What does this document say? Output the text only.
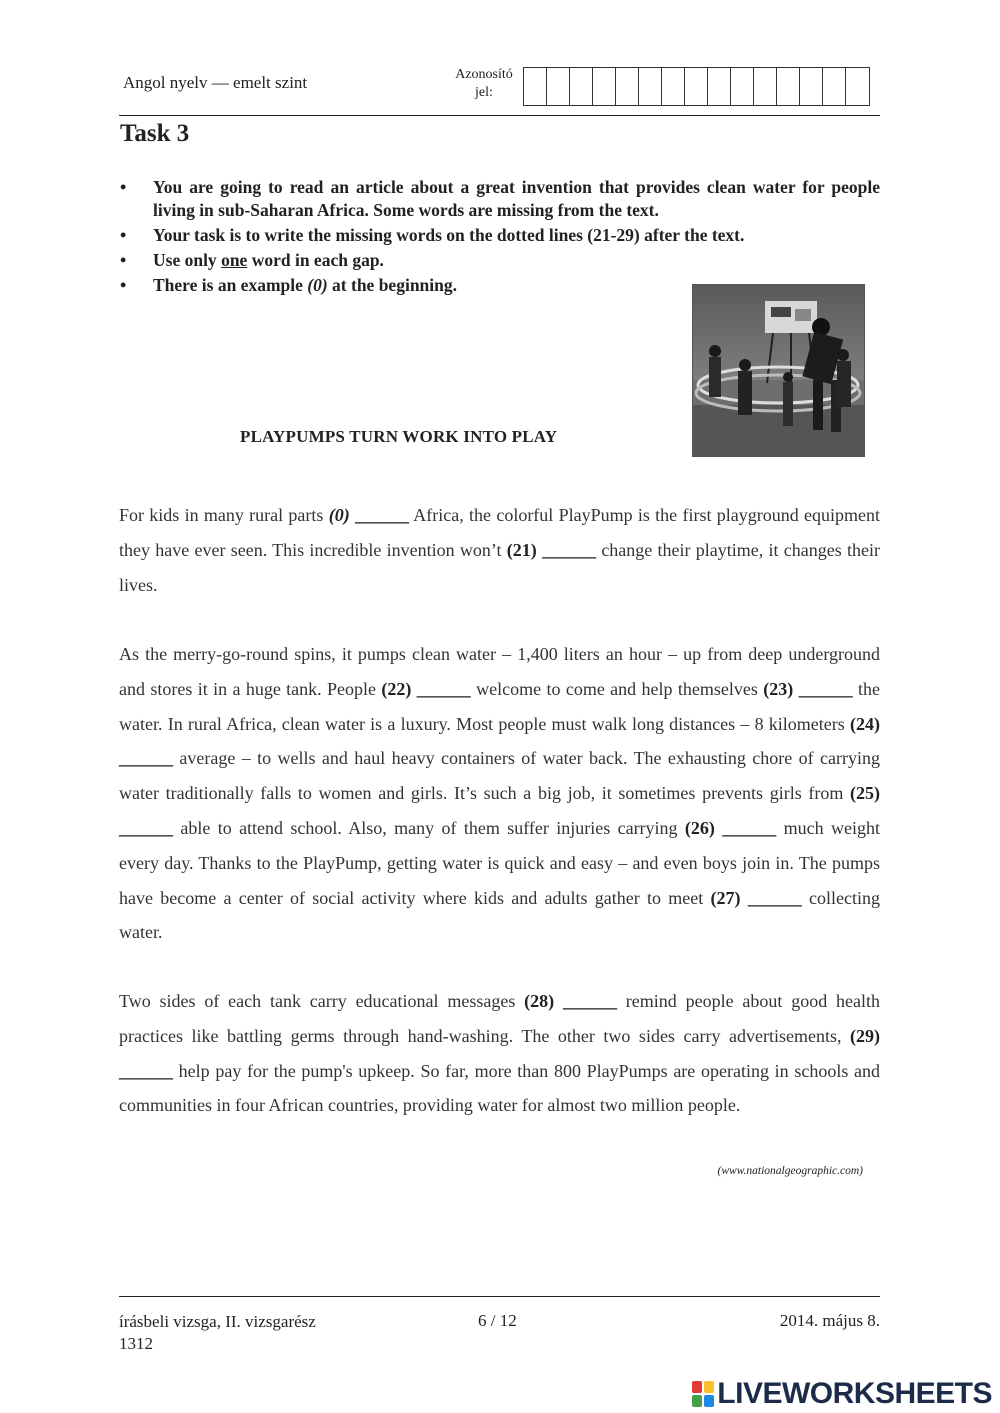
Angol nyelv — emelt szint	Azonosító
jel:
Task 3
• You are going to read an article about a great invention that provides clean water for people living in sub-Saharan Africa. Some words are missing from the text.
• Your task is to write the missing words on the dotted lines (21-29) after the text.
• Use only one word in each gap.
• There is an example (0) at the beginning.
PLAYPUMPS TURN WORK INTO PLAY
For kids in many rural parts (0) ______ Africa, the colorful PlayPump is the first playground equipment they have ever seen. This incredible invention won’t (21) ______ change their playtime, it changes their lives.
As the merry-go-round spins, it pumps clean water – 1,400 liters an hour – up from deep underground and stores it in a huge tank. People (22) ______ welcome to come and help themselves (23) ______ the water. In rural Africa, clean water is a luxury. Most people must walk long distances – 8 kilometers (24) ______ average – to wells and haul heavy containers of water back. The exhausting chore of carrying water traditionally falls to women and girls. It’s such a big job, it sometimes prevents girls from (25) ______ able to attend school. Also, many of them suffer injuries carrying (26) ______ much weight every day. Thanks to the PlayPump, getting water is quick and easy – and even boys join in. The pumps have become a center of social activity where kids and adults gather to meet (27) ______ collecting water.
Two sides of each tank carry educational messages (28) ______ remind people about good health practices like battling germs through hand-washing. The other two sides carry advertisements, (29) ______ help pay for the pump's upkeep. So far, more than 800 PlayPumps are operating in schools and communities in four African countries, providing water for almost two million people.
(www.nationalgeographic.com)
írásbeli vizsga, II. vizsgarész
1312
6 / 12	2014. május 8.
LIVEWORKSHEETS
